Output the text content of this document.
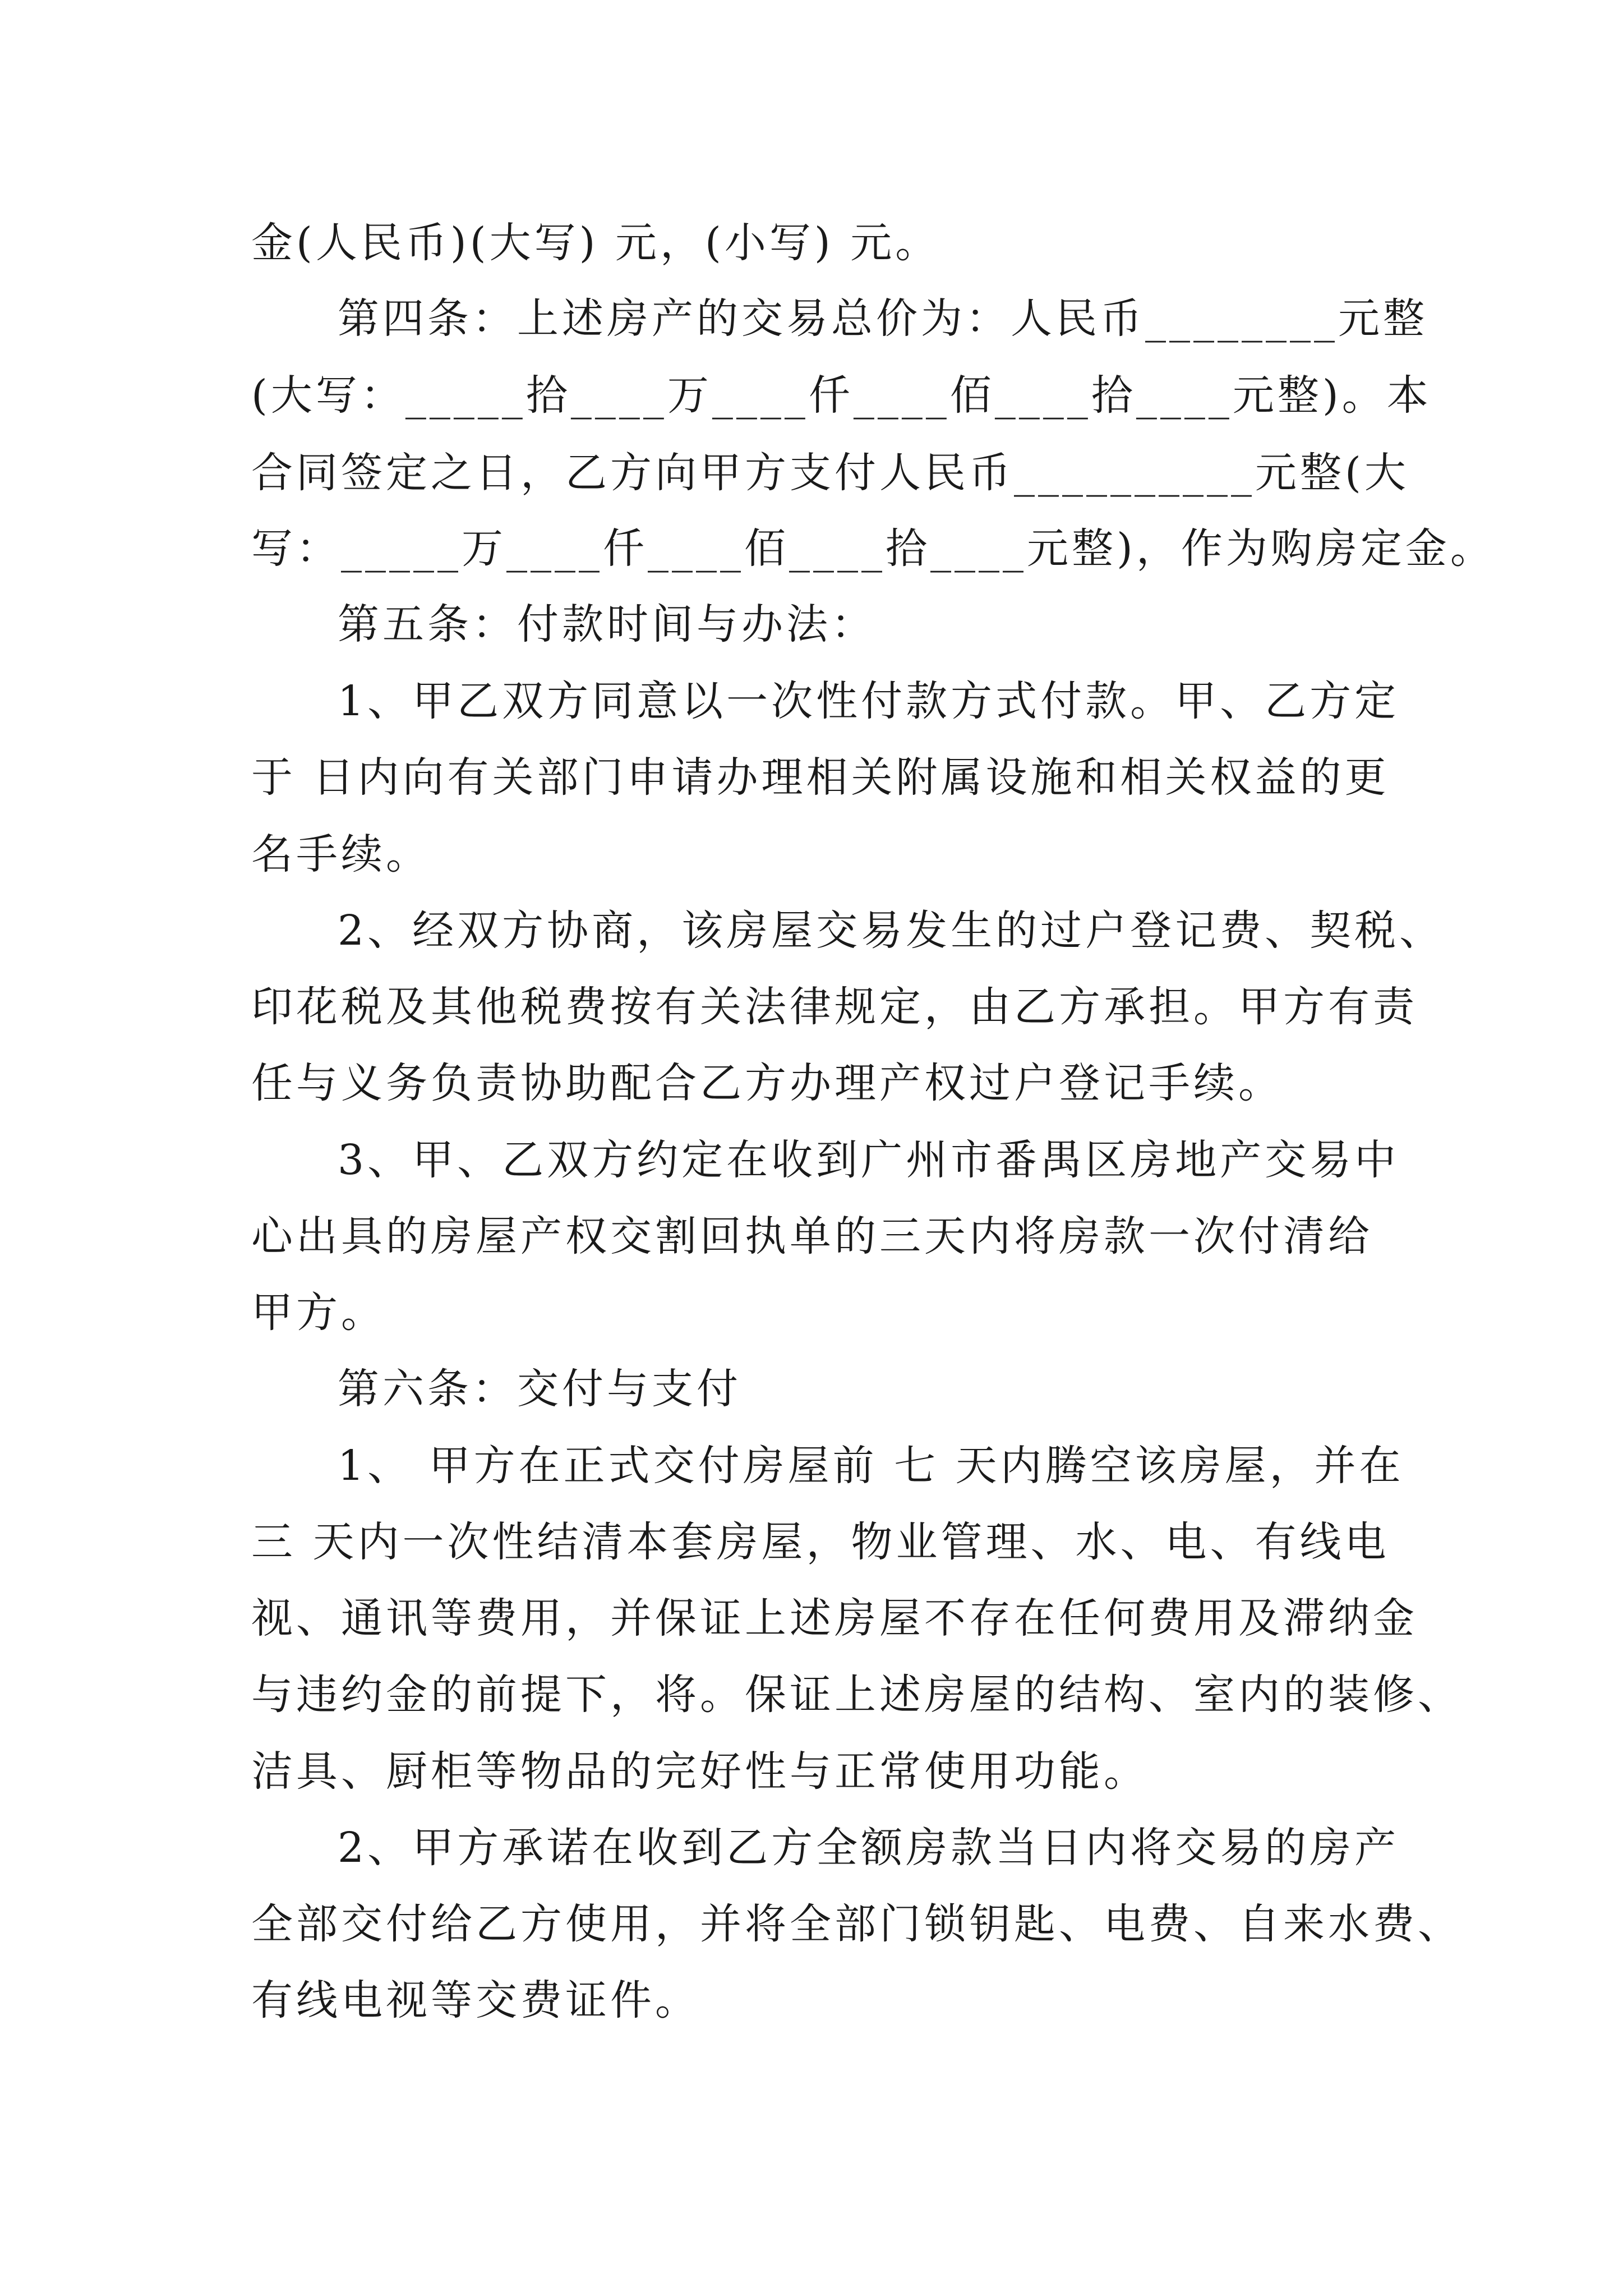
金(人民币)(大写) 元，(小写) 元。
第四条：上述房产的交易总价为：人民币________元整
(大写：_____拾____万____仟____佰____拾____元整)。本
合同签定之日，乙方向甲方支付人民币__________元整(大
写：_____万____仟____佰____拾____元整)，作为购房定金。
第五条：付款时间与办法：
1、甲乙双方同意以一次性付款方式付款。甲、乙方定
于 日内向有关部门申请办理相关附属设施和相关权益的更
名手续。
2、经双方协商，该房屋交易发生的过户登记费、契税、
印花税及其他税费按有关法律规定，由乙方承担。甲方有责
任与义务负责协助配合乙方办理产权过户登记手续。
3、甲、乙双方约定在收到广州市番禺区房地产交易中
心出具的房屋产权交割回执单的三天内将房款一次付清给
甲方。
第六条：交付与支付
1、 甲方在正式交付房屋前 七 天内腾空该房屋，并在
三 天内一次性结清本套房屋，物业管理、水、电、有线电
视、通讯等费用，并保证上述房屋不存在任何费用及滞纳金
与违约金的前提下，将。保证上述房屋的结构、室内的装修、
洁具、厨柜等物品的完好性与正常使用功能。
2、甲方承诺在收到乙方全额房款当日内将交易的房产
全部交付给乙方使用，并将全部门锁钥匙、电费、自来水费、
有线电视等交费证件。
